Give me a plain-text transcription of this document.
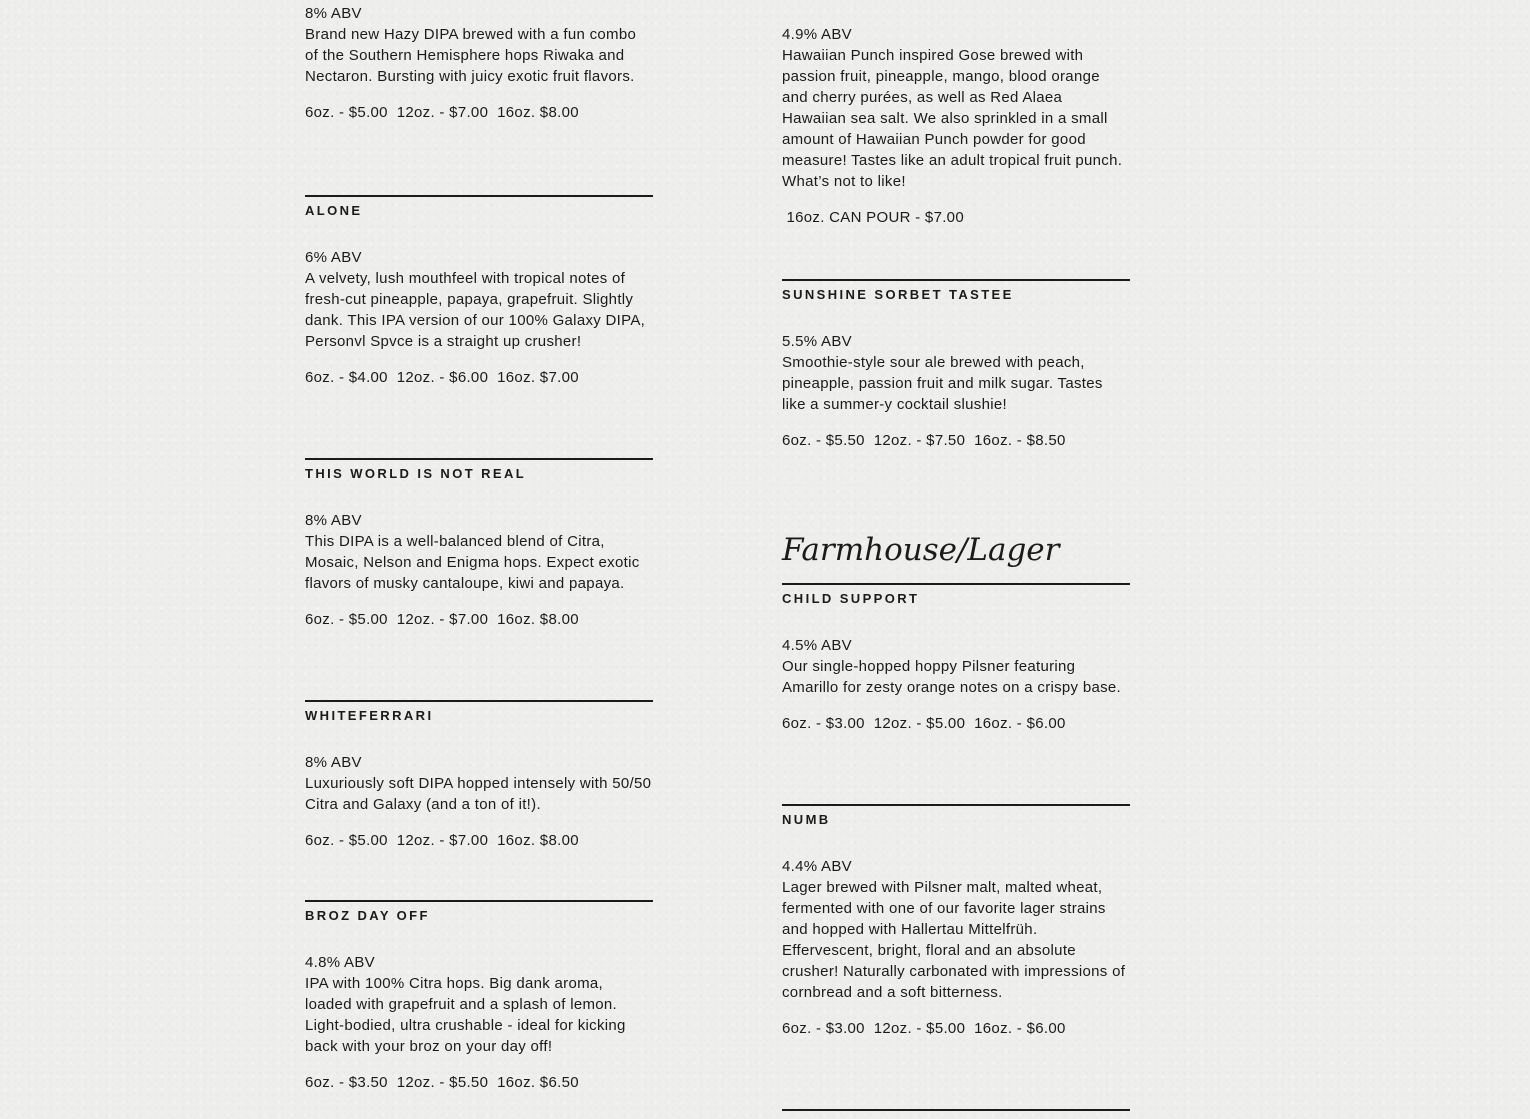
8% ABV

Brand new Hazy DIPA brewed with a fun combo of the Southern Hemisphere hops Riwaka and Nectaron. Bursting with juicy exotic fruit flavors.

6oz. - $5.00  12oz. - $7.00  16oz. $8.00
ALONE

6% ABV

A velvety, lush mouthfeel with tropical notes of fresh-cut pineapple, papaya, grapefruit. Slightly dank. This IPA version of our 100% Galaxy DIPA, Personvl Spvce is a straight up crusher!

6oz. - $4.00  12oz. - $6.00  16oz. $7.00
THIS WORLD IS NOT REAL

8% ABV

This DIPA is a well-balanced blend of Citra, Mosaic, Nelson and Enigma hops. Expect exotic flavors of musky cantaloupe, kiwi and papaya.

6oz. - $5.00  12oz. - $7.00  16oz. $8.00
WHITEFERRARI

8% ABV

Luxuriously soft DIPA hopped intensely with 50/50 Citra and Galaxy (and a ton of it!).

6oz. - $5.00  12oz. - $7.00  16oz. $8.00
BROZ DAY OFF

4.8% ABV

IPA with 100% Citra hops. Big dank aroma, loaded with grapefruit and a splash of lemon. Light-bodied, ultra crushable - ideal for kicking back with your broz on your day off!

6oz. - $3.50  12oz. - $5.50  16oz. $6.50

4.9% ABV

Hawaiian Punch inspired Gose brewed with passion fruit, pineapple, mango, blood orange and cherry purées, as well as Red Alaea Hawaiian sea salt. We also sprinkled in a small amount of Hawaiian Punch powder for good measure! Tastes like an adult tropical fruit punch. What’s not to like!

16oz. CAN POUR - $7.00
SUNSHINE SORBET TASTEE

5.5% ABV

Smoothie-style sour ale brewed with peach, pineapple, passion fruit and milk sugar. Tastes like a summer-y cocktail slushie!

6oz. - $5.50  12oz. - $7.50  16oz. - $8.50
Farmhouse/Lager
CHILD SUPPORT

4.5% ABV

Our single-hopped hoppy Pilsner featuring Amarillo for zesty orange notes on a crispy base.

6oz. - $3.00  12oz. - $5.00  16oz. - $6.00
NUMB

4.4% ABV

Lager brewed with Pilsner malt, malted wheat, fermented with one of our favorite lager strains and hopped with Hallertau Mittelfrüh. Effervescent, bright, floral and an absolute crusher! Naturally carbonated with impressions of cornbread and a soft bitterness.

6oz. - $3.00  12oz. - $5.00  16oz. - $6.00
